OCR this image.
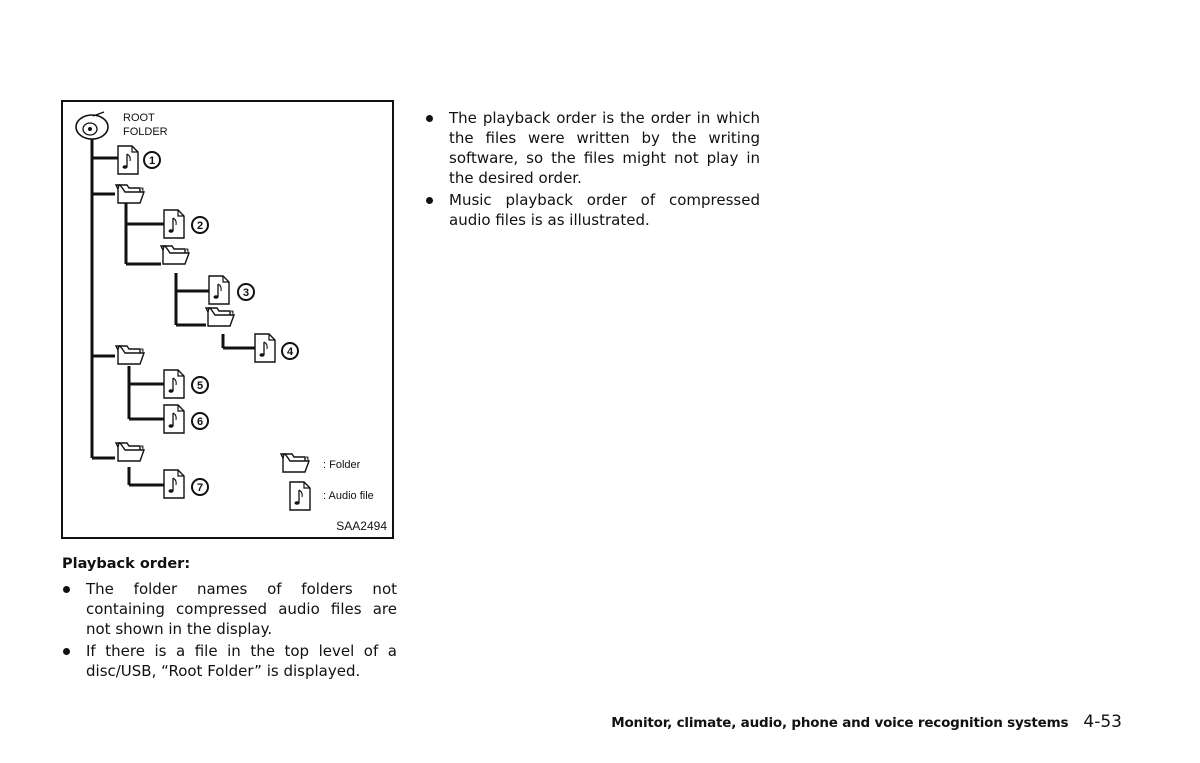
1
2
3
4
5
6
7
ROOT
FOLDER
: Folder
: Audio file
SAA2494
Playback order:
The folder names of folders not containing compressed audio files are not shown in the display.
If there is a file in the top level of a disc/USB, “Root Folder” is displayed.
The playback order is the order in which the files were written by the writing software, so the files might not play in the desired order.
Music playback order of compressed audio files is as illustrated.
Monitor, climate, audio, phone and voice recognition systems 4-53
